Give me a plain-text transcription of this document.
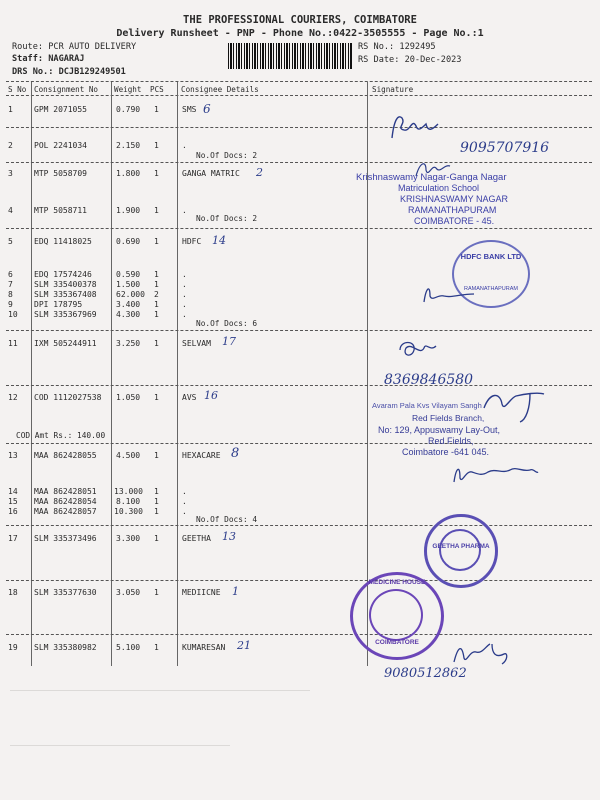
THE PROFESSIONAL COURIERS, COIMBATORE
Delivery Runsheet - PNP - Phone No.:0422-3505555 - Page No.:1
Route: PCR AUTO DELIVERY
Staff: NAGARAJ
DRS No.: DCJB129249501
RS No.: 1292495
RS Date: 20-Dec-2023
S No Consignment No Weight PCS Consignee Details	Signature
1	GPM 2071055	0.790 1	SMS
2	POL 2241034	2.150 1	.
No.Of Docs: 2
3	MTP 5058709	1.800 1	GANGA MATRIC
4	MTP 5058711	1.900 1	.
No.Of Docs: 2
5	EDQ 11418025	0.690 1	HDFC
6	EDQ 17574246	0.590 1	.
7	SLM 335400378 1.500 1	.
8	SLM 335367408 62.000 2	.
9	DPI 178795	3.400 1	.
10 SLM 335367969 4.300 1	.
No.Of Docs: 6
11 IXM 505244911 3.250 1	SELVAM
12 COD 1112027538 1.050 1	AVS
COD Amt Rs.: 140.00
13 MAA 862428055 4.500 1	HEXACARE
14 MAA 862428051 13.000 1	.
15 MAA 862428054 8.100 1	.
16 MAA 862428057 10.300 1	.
No.Of Docs: 4
17 SLM 335373496 3.300 1	GEETHA
18 SLM 335377630 3.050 1	MEDIICNE
19 SLM 335380982 5.100 1	KUMARESAN
6
2
14
17
16
8
13
1
21
9095707916
Krishnaswamy Nagar-Ganga Nagar
Matriculation School
KRISHNASWAMY NAGAR
RAMANATHAPURAM
COIMBATORE - 45.
HDFC BANK LTD
RAMANATHAPURAM
8369846580
Avaram Pala Kvs Vilayam Sangh
Red Fields Branch,
No: 129, Appuswamy Lay-Out,
Red Fields,
Coimbatore -641 045.
GEETHA PHARMA
MEDICINE HOUSE
COIMBATORE
9080512862
